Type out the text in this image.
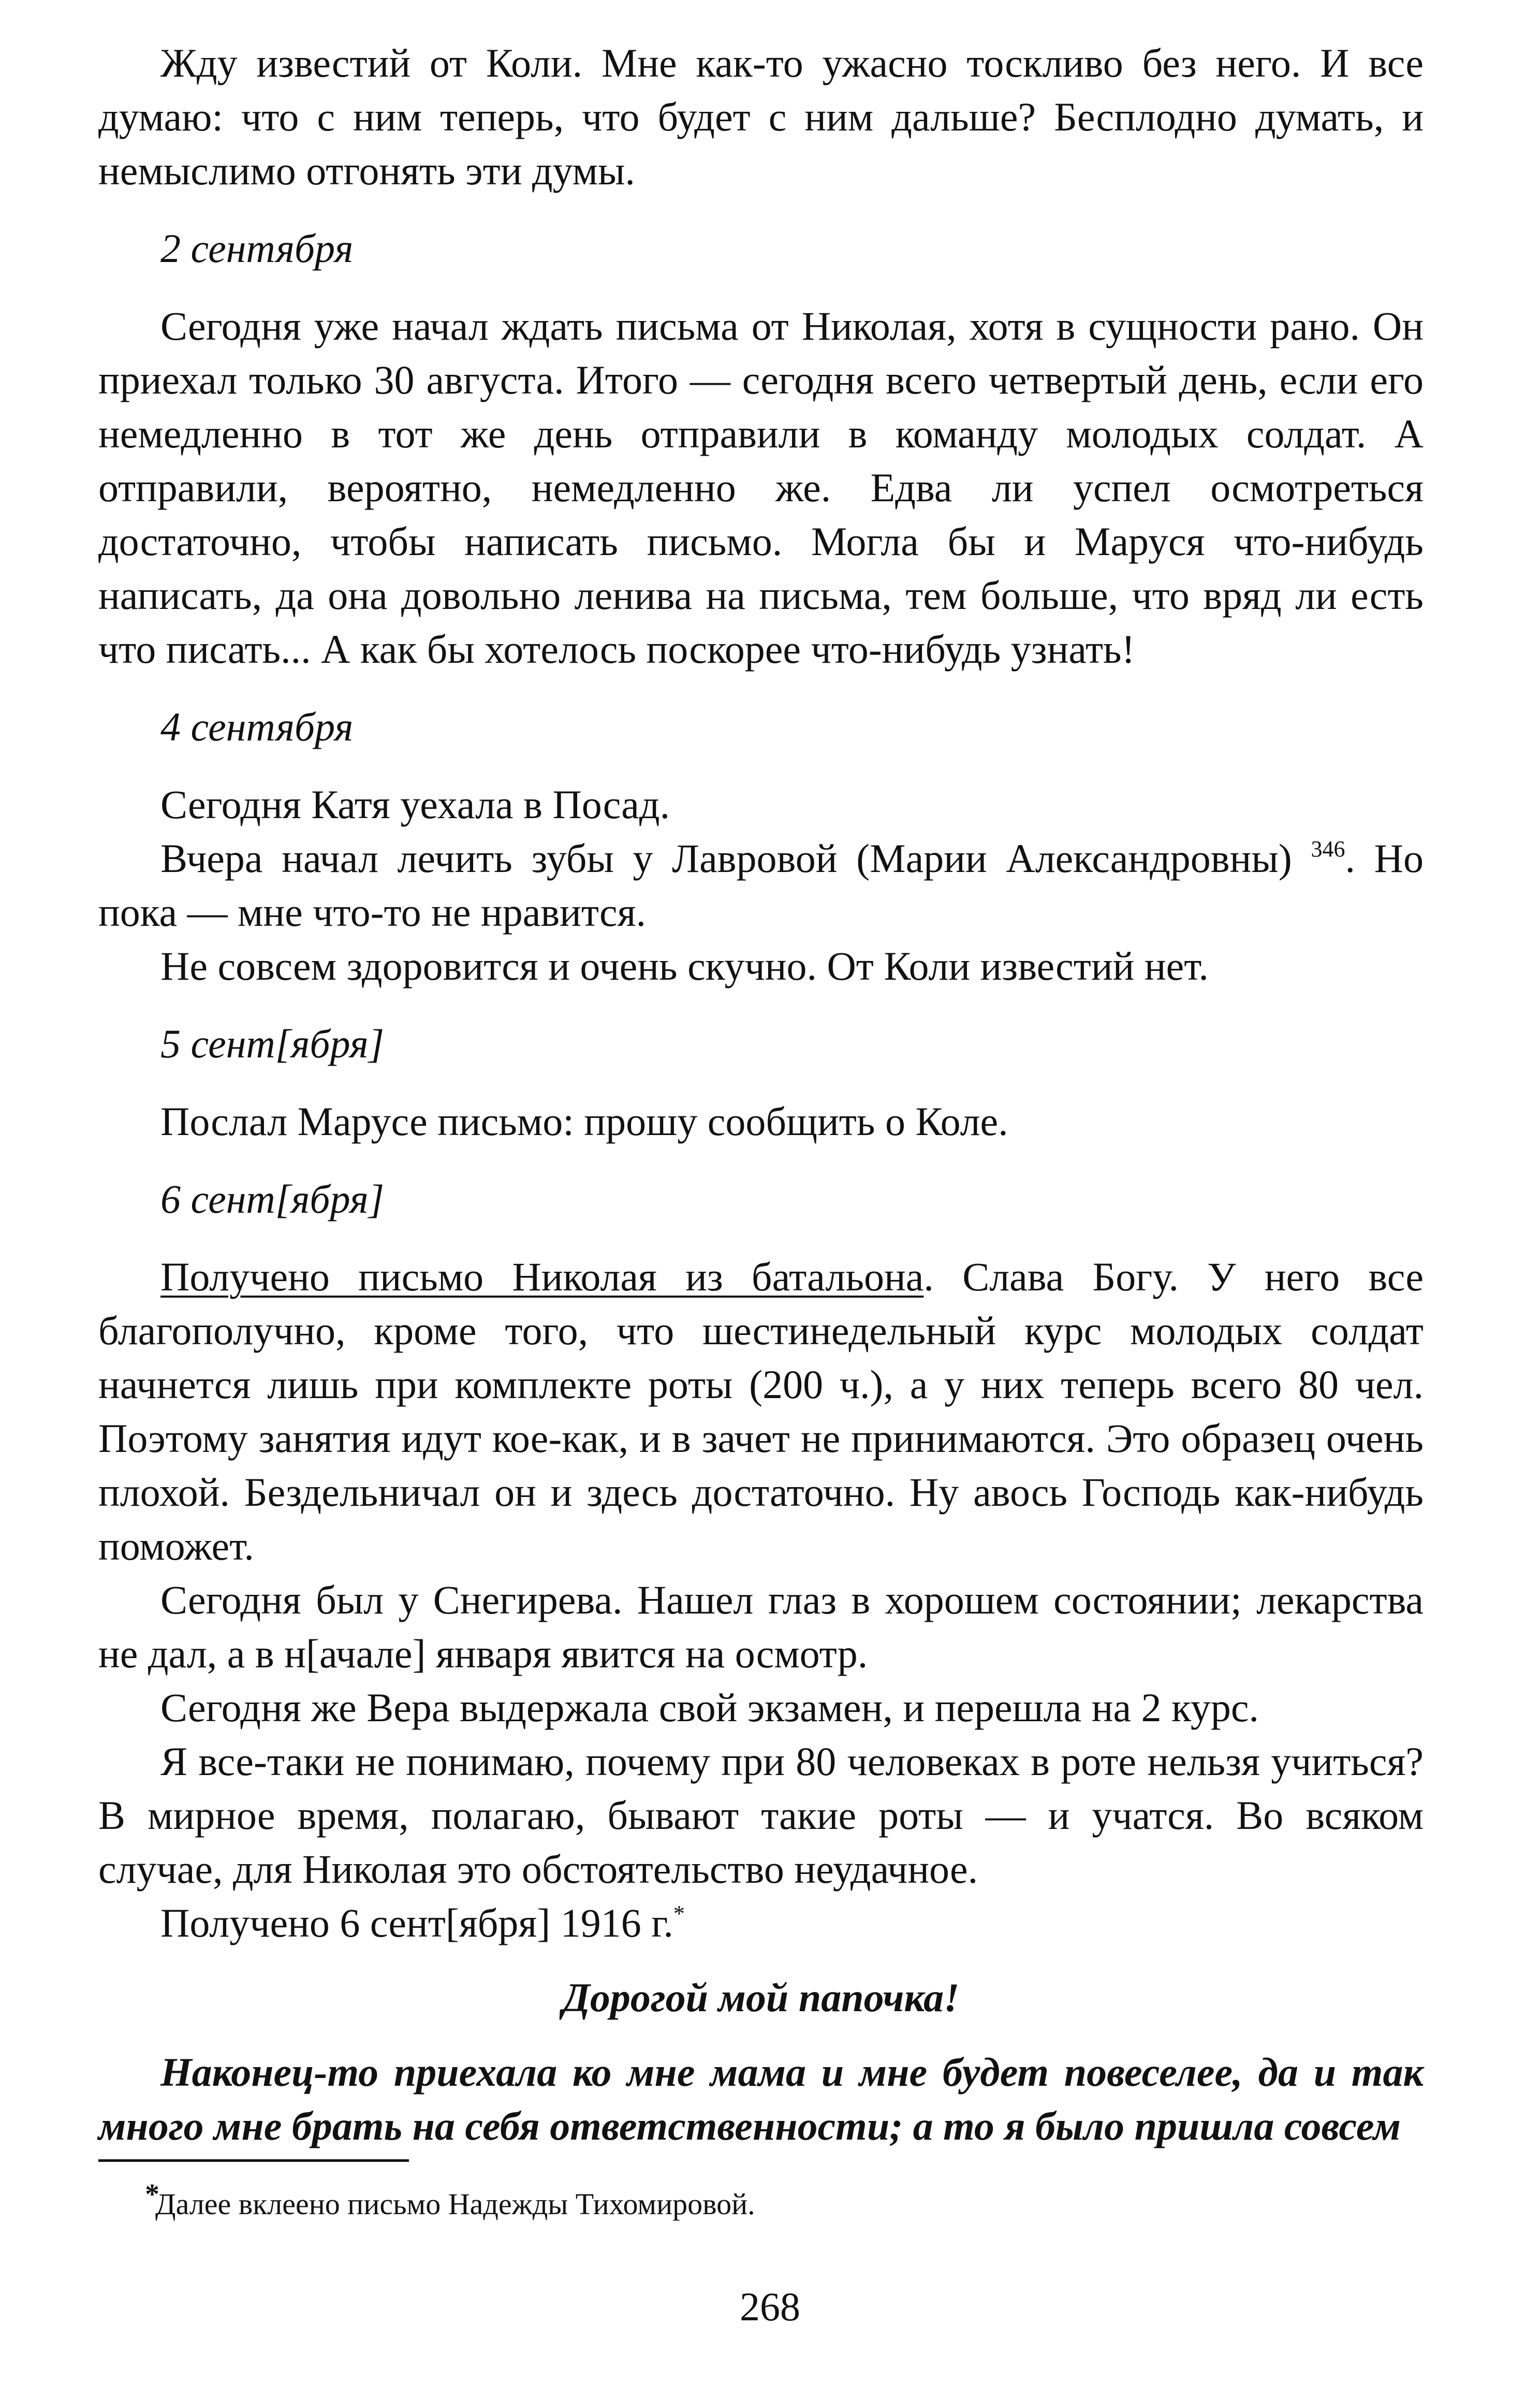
Жду известий от Коли. Мне как-то ужасно тоскливо без него. И все думаю: что с ним теперь, что будет с ним дальше? Бесплодно думать, и немыслимо отгонять эти думы.

2 сентября

Сегодня уже начал ждать письма от Николая, хотя в сущности рано. Он приехал только 30 августа. Итого — сегодня всего четвертый день, если его немедленно в тот же день отправили в команду молодых солдат. А отправили, вероятно, немедленно же. Едва ли успел осмотреться достаточно, чтобы написать письмо. Могла бы и Маруся что-нибудь написать, да она довольно ленива на письма, тем больше, что вряд ли есть что писать... А как бы хотелось поскорее что-нибудь узнать!

4 сентября

Сегодня Катя уехала в Посад.

Вчера начал лечить зубы у Лавровой (Марии Александровны) $^{346}$. Но пока — мне что-то не нравится.

Не совсем здоровится и очень скучно. От Коли известий нет.

5 сент[ября]

Послал Марусе письмо: прошу сообщить о Коле.

6 сент[ября]

Получено письмо Николая из батальона. Слава Богу. У него все благополучно, кроме того, что шестинедельный курс молодых солдат начнется лишь при комплекте роты (200 ч.), а у них теперь всего 80 чел. Поэтому занятия идут кое-как, и в зачет не принимаются. Это образец очень плохой. Бездельничал он и здесь достаточно. Ну авось Господь как-нибудь поможет.

Сегодня был у Снегирева. Нашел глаз в хорошем состоянии; лекарства не дал, а в н[ачале] января явится на осмотр.

Сегодня же Вера выдержала свой экзамен, и перешла на 2 курс.

Я все-таки не понимаю, почему при 80 человеках в роте нельзя учиться? В мирное время, полагаю, бывают такие роты — и учатся. Во всяком случае, для Николая это обстоятельство неудачное.

Получено 6 сент[ября] 1916 г.*

Дорогой мой папочка!

Наконец-то приехала ко мне мама и мне будет повеселее, да и так много мне брать на себя ответственности; а то я было пришла совсем

*
Далее вклеено письмо Надежды Тихомировой.
268
